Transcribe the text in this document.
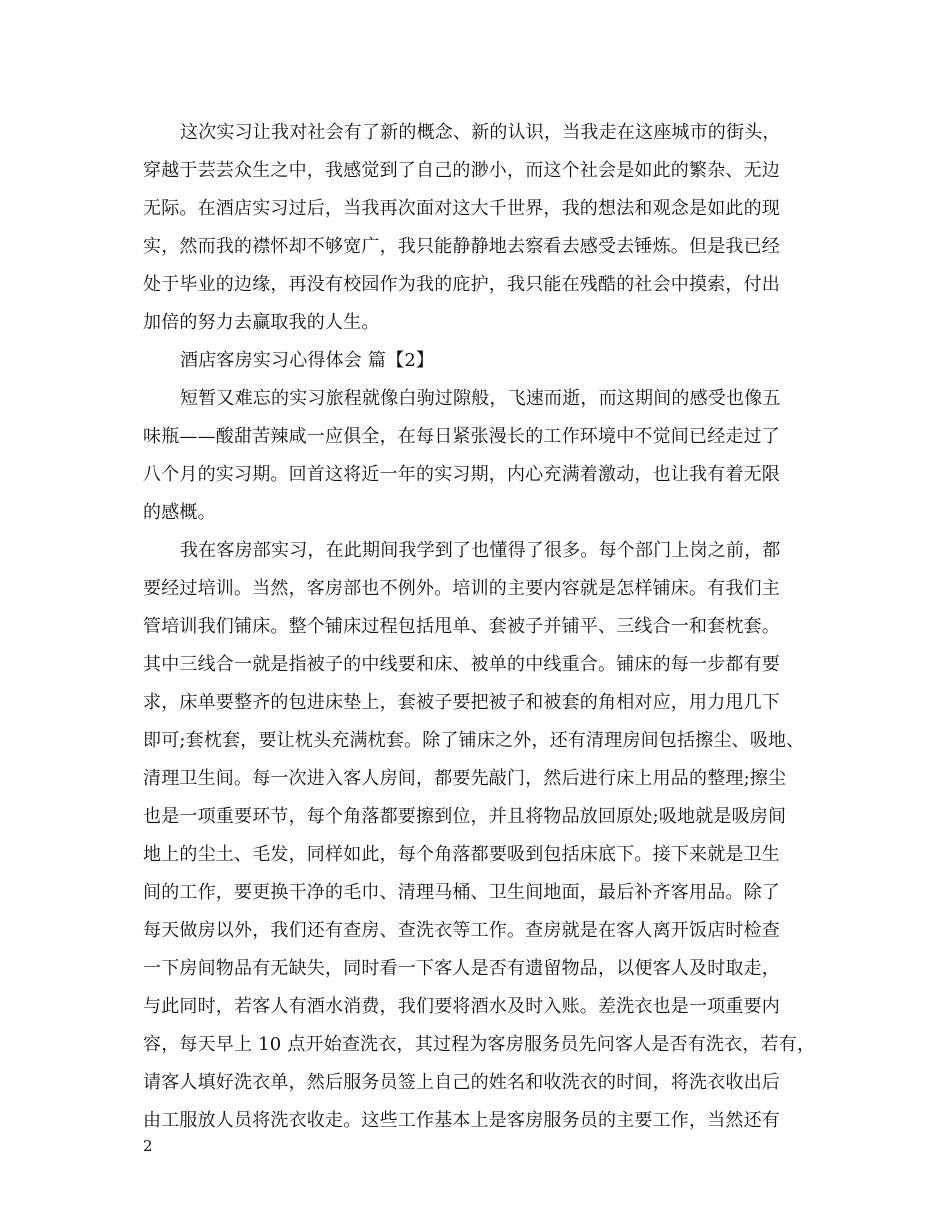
这次实习让我对社会有了新的概念、新的认识，当我走在这座城市的街头，
穿越于芸芸众生之中，我感觉到了自己的渺小，而这个社会是如此的繁杂、无边
无际。在酒店实习过后，当我再次面对这大千世界，我的想法和观念是如此的现
实，然而我的襟怀却不够宽广，我只能静静地去察看去感受去锤炼。但是我已经
处于毕业的边缘，再没有校园作为我的庇护，我只能在残酷的社会中摸索，付出
加倍的努力去赢取我的人生。
酒店客房实习心得体会 篇【2】
短暂又难忘的实习旅程就像白驹过隙般，飞速而逝，而这期间的感受也像五
味瓶——酸甜苦辣咸一应俱全，在每日紧张漫长的工作环境中不觉间已经走过了
八个月的实习期。回首这将近一年的实习期，内心充满着激动，也让我有着无限
的感概。
我在客房部实习，在此期间我学到了也懂得了很多。每个部门上岗之前，都
要经过培训。当然，客房部也不例外。培训的主要内容就是怎样铺床。有我们主
管培训我们铺床。整个铺床过程包括甩单、套被子并铺平、三线合一和套枕套。
其中三线合一就是指被子的中线要和床、被单的中线重合。铺床的每一步都有要
求，床单要整齐的包进床垫上，套被子要把被子和被套的角相对应，用力甩几下
即可;套枕套，要让枕头充满枕套。除了铺床之外，还有清理房间包括擦尘、吸地、
清理卫生间。每一次进入客人房间，都要先敲门，然后进行床上用品的整理;擦尘
也是一项重要环节，每个角落都要擦到位，并且将物品放回原处;吸地就是吸房间
地上的尘土、毛发，同样如此，每个角落都要吸到包括床底下。接下来就是卫生
间的工作，要更换干净的毛巾、清理马桶、卫生间地面，最后补齐客用品。除了
每天做房以外，我们还有查房、查洗衣等工作。查房就是在客人离开饭店时检查
一下房间物品有无缺失，同时看一下客人是否有遗留物品，以便客人及时取走，
与此同时，若客人有酒水消费，我们要将酒水及时入账。差洗衣也是一项重要内
容，每天早上 10 点开始查洗衣，其过程为客房服务员先问客人是否有洗衣，若有，
请客人填好洗衣单，然后服务员签上自己的姓名和收洗衣的时间，将洗衣收出后
由工服放人员将洗衣收走。这些工作基本上是客房服务员的主要工作，当然还有
2
